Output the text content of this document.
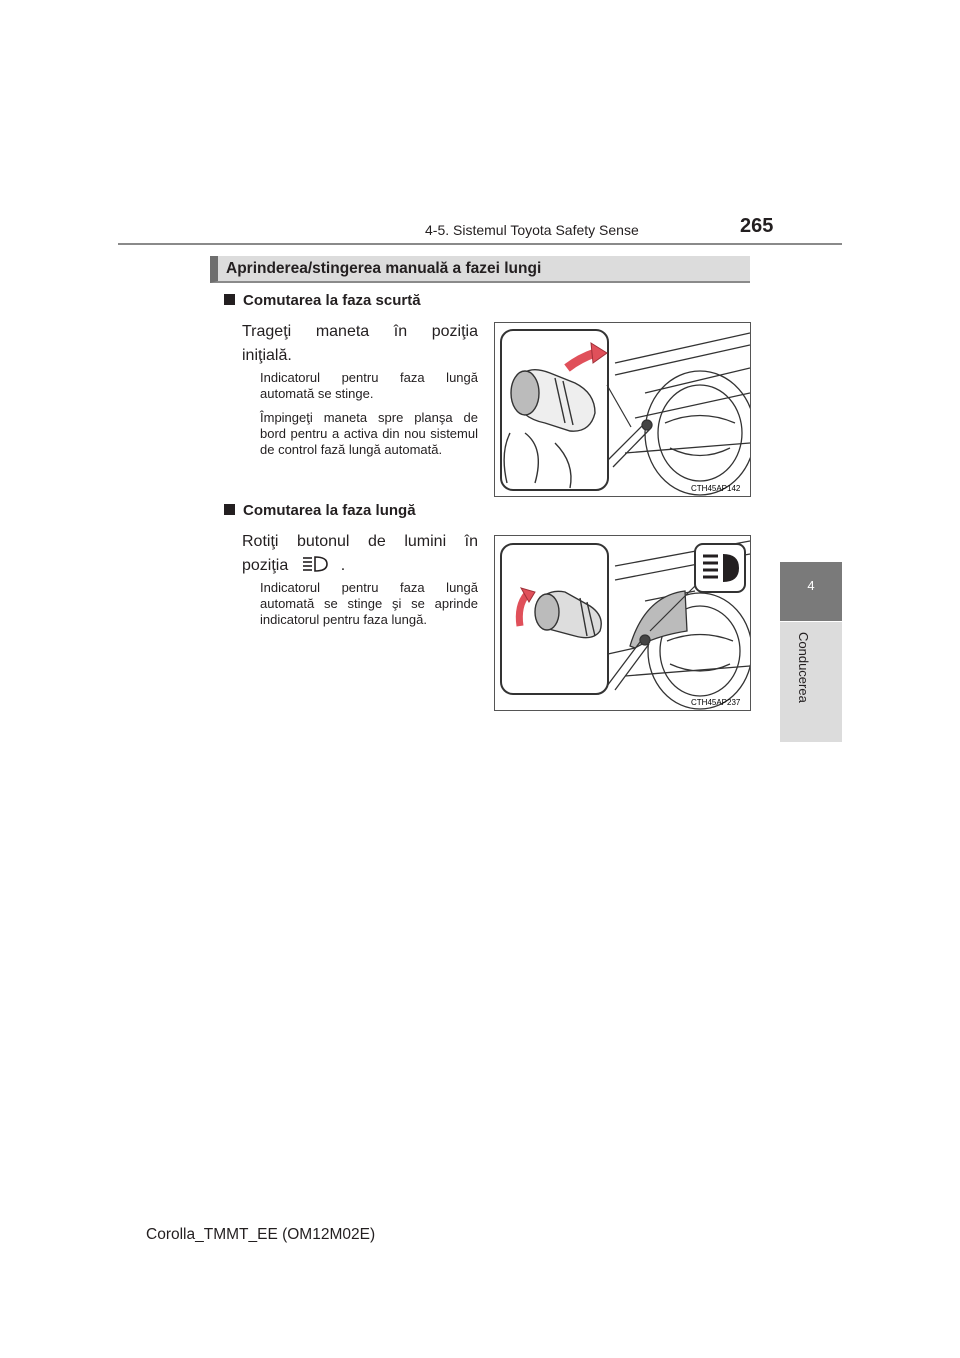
4-5. Sistemul Toyota Safety Sense	265
4
Conducerea
Aprinderea/stingerea manuală a fazei lungi
Comutarea la faza scurtă
Trageţi maneta în poziţia
iniţială.
Indicatorul pentru faza lungă automată se stinge.
Împingeţi maneta spre planşa de bord pentru a activa din nou sistemul de control fază lungă automată.
CTH45AP142
Comutarea la faza lungă
Rotiţi butonul de lumini în
poziţia	.
Indicatorul pentru faza lungă automată se stinge şi se aprinde indicatorul pentru faza lungă.
CTH45AP237
Corolla_TMMT_EE (OM12M02E)
